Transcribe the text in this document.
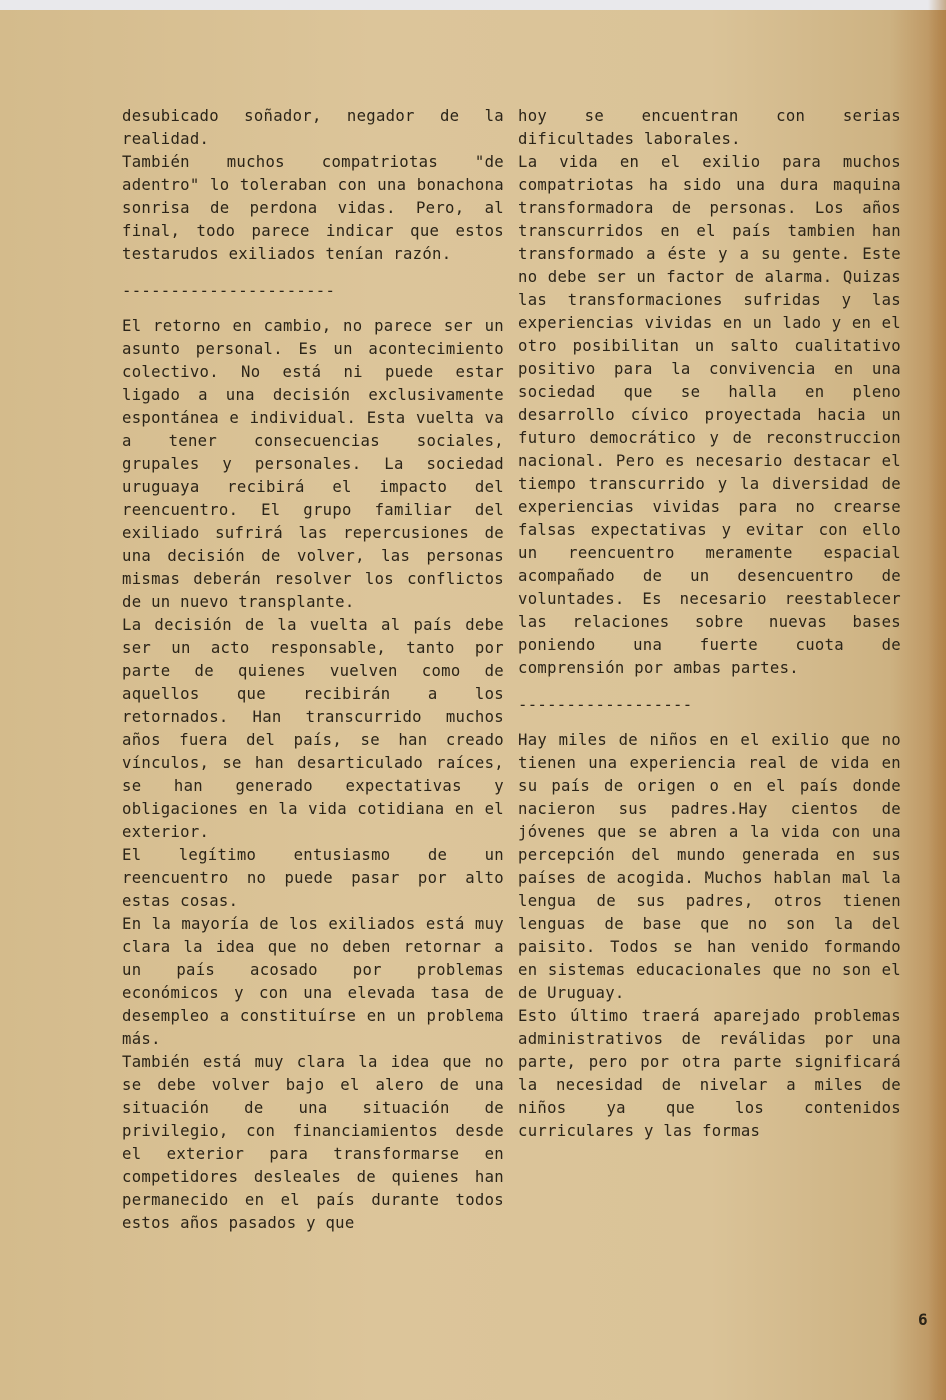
desubicado soñador, negador de la realidad.

También muchos compatriotas "de adentro" lo toleraban con una bonachona sonrisa de perdona vidas. Pero, al final, todo parece indicar que estos testarudos exiliados tenían razón.

----------------------

El retorno en cambio, no parece ser un asunto personal. Es un acontecimiento colectivo. No está ni puede estar ligado a una decisión exclusivamente espontánea e individual. Esta vuelta va a tener consecuencias sociales, grupales y personales. La sociedad uruguaya recibirá el impacto del reencuentro. El grupo familiar del exiliado sufrirá las repercusiones de una decisión de volver, las personas mismas deberán resolver los conflictos de un nuevo transplante.

La decisión de la vuelta al país debe ser un acto responsable, tanto por parte de quienes vuelven como de aquellos que recibirán a los retornados. Han transcurrido muchos años fuera del país, se han creado vínculos, se han desarticulado raíces, se han generado expectativas y obligaciones en la vida cotidiana en el exterior.

El legítimo entusiasmo de un reencuentro no puede pasar por alto estas cosas.

En la mayoría de los exiliados está muy clara la idea que no deben retornar a un país acosado por problemas económicos y con una elevada tasa de desempleo a constituírse en un problema más.

También está muy clara la idea que no se debe volver bajo el alero de una situación de una situación de privilegio, con financiamientos desde el exterior para transformarse en competidores desleales de quienes han permanecido en el país durante todos estos años pasados y que

hoy se encuentran con serias dificultades laborales.

La vida en el exilio para muchos compatriotas ha sido una dura maquina transformadora de personas. Los años transcurridos en el país tambien han transformado a éste y a su gente. Este no debe ser un factor de alarma. Quizas las transformaciones sufridas y las experiencias vividas en un lado y en el otro posibilitan un salto cualitativo positivo para la convivencia en una sociedad que se halla en pleno desarrollo cívico proyectada hacia un futuro democrático y de reconstruccion nacional. Pero es necesario destacar el tiempo transcurrido y la diversidad de experiencias vividas para no crearse falsas expectativas y evitar con ello un reencuentro meramente espacial acompañado de un desencuentro de voluntades. Es necesario reestablecer las relaciones sobre nuevas bases poniendo una fuerte cuota de comprensión por ambas partes.

------------------

Hay miles de niños en el exilio que no tienen una experiencia real de vida en su país de origen o en el país donde nacieron sus padres.Hay cientos de jóvenes que se abren a la vida con una percepción del mundo generada en sus países de acogida. Muchos hablan mal la lengua de sus padres, otros tienen lenguas de base que no son la del paisito. Todos se han venido formando en sistemas educacionales que no son el de Uruguay.

Esto último traerá aparejado problemas administrativos de reválidas por una parte, pero por otra parte significará la necesidad de nivelar a miles de niños ya que los contenidos curriculares y las formas

6
